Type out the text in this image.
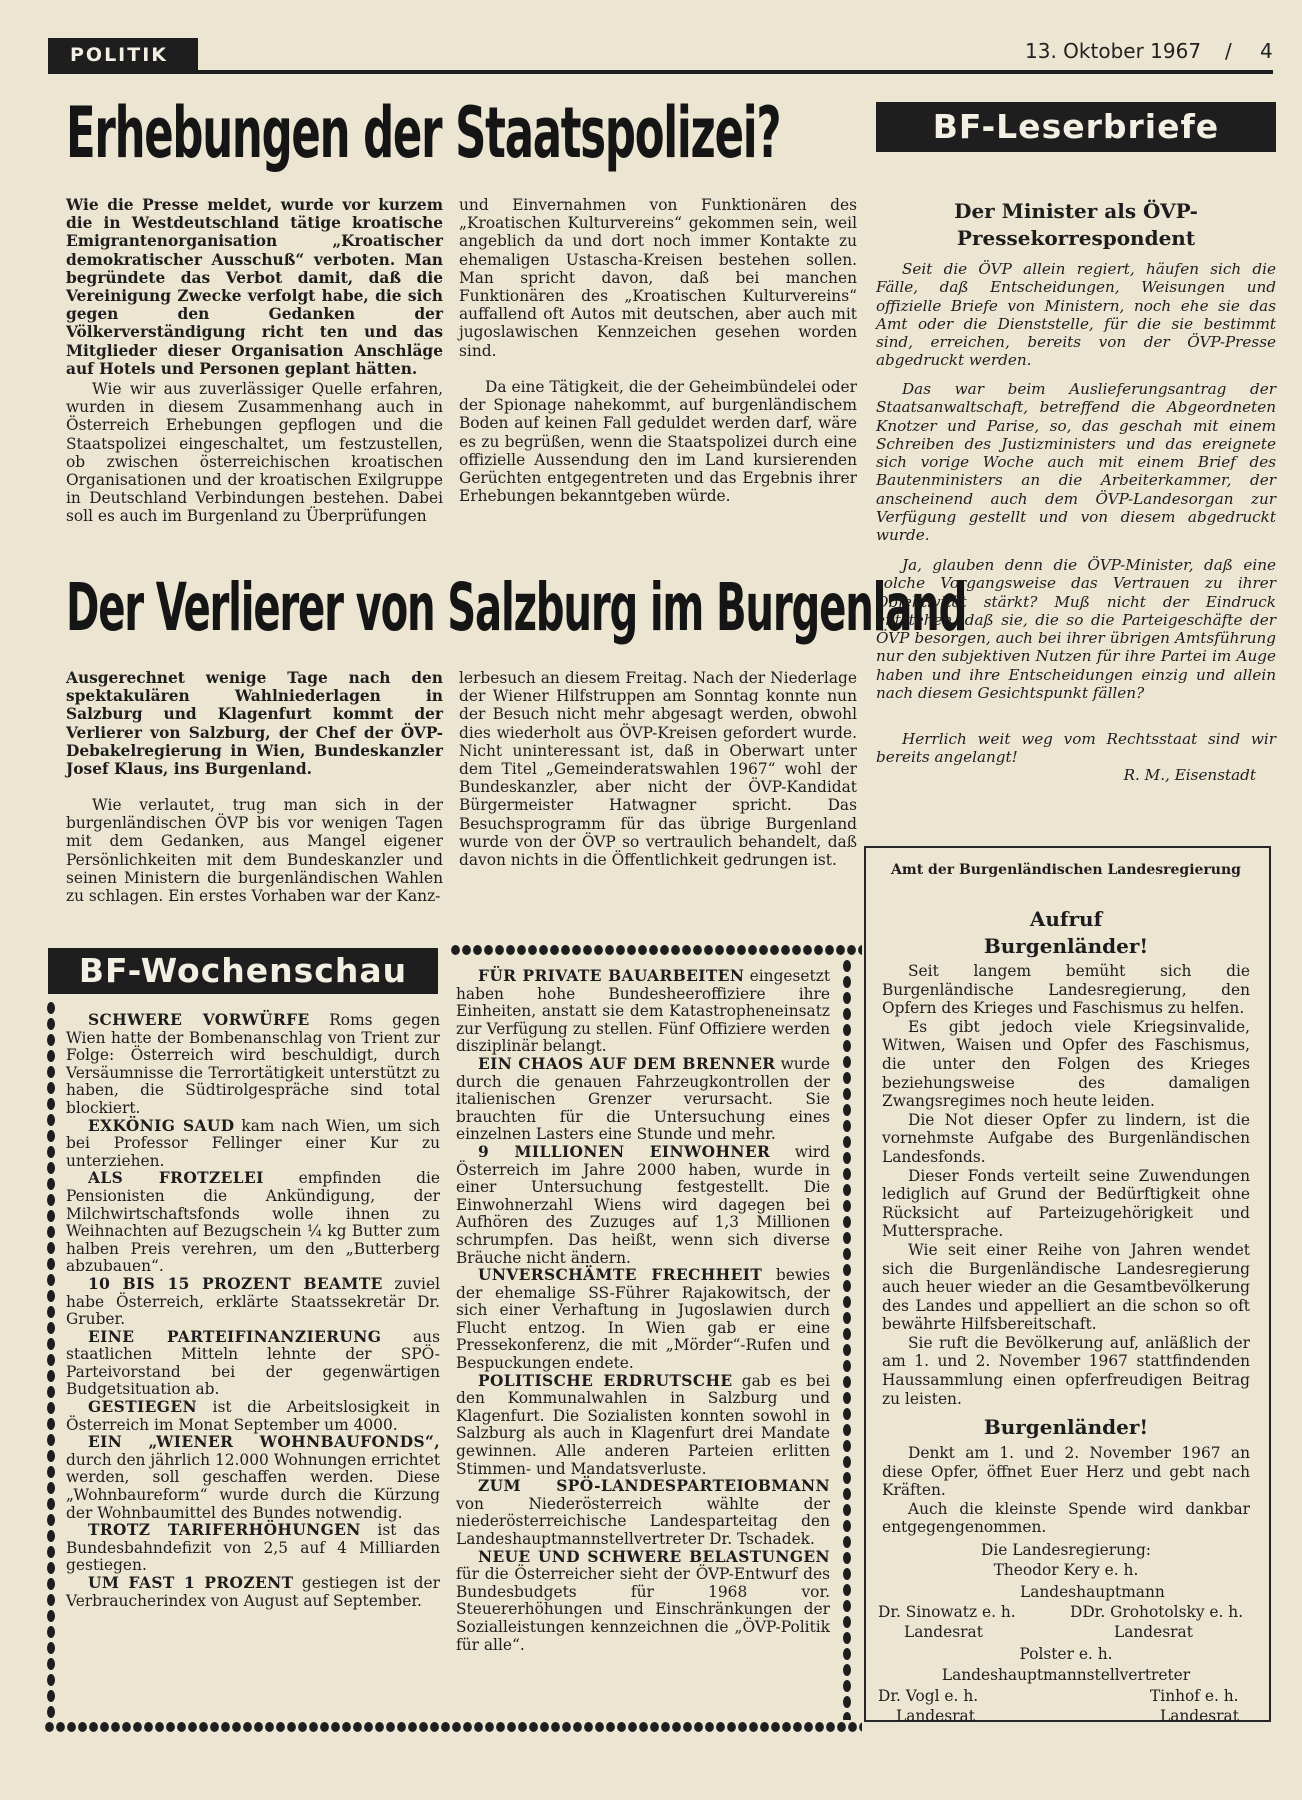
POLITIK	13. Oktober 1967 / 4
Erhebungen der Staatspolizei?

Wie die Presse meldet, wurde vor kurzem die in Westdeutschland tätige kroatische Emigrantenorganisation „Kroatischer demokratischer Ausschuß“ verboten. Man begründete das Verbot damit, daß die Vereinigung Zwecke verfolgt habe, die sich gegen den Gedanken der Völkerverständigung richt ten und das Mitglieder dieser Organisation Anschläge auf Hotels und Personen geplant hätten.

Wie wir aus zuverlässiger Quelle erfahren, wurden in diesem Zusammenhang auch in Österreich Erhebungen gepflogen und die Staatspolizei eingeschaltet, um festzustellen, ob zwischen österreichischen kroatischen Organisationen und der kroatischen Exilgruppe in Deutschland Verbindungen bestehen. Dabei soll es auch im Burgenland zu Überprüfungen

und Einvernahmen von Funktionären des „Kroatischen Kulturvereins“ gekommen sein, weil angeblich da und dort noch immer Kontakte zu ehemaligen Ustascha-Kreisen bestehen sollen. Man spricht davon, daß bei manchen Funktionären des „Kroatischen Kulturvereins“ auffallend oft Autos mit deutschen, aber auch mit jugoslawischen Kennzeichen gesehen worden sind.

Da eine Tätigkeit, die der Geheimbündelei oder der Spionage nahekommt, auf burgenländischem Boden auf keinen Fall geduldet werden darf, wäre es zu begrüßen, wenn die Staatspolizei durch eine offizielle Aussendung den im Land kursierenden Gerüchten entgegentreten und das Ergebnis ihrer Erhebungen bekanntgeben würde.

Der Verlierer von Salzburg im Burgenland

Ausgerechnet wenige Tage nach den spektakulären Wahlniederlagen in Salzburg und Klagenfurt kommt der Verlierer von Salzburg, der Chef der ÖVP-Debakelregierung in Wien, Bundeskanzler Josef Klaus, ins Burgenland.

Wie verlautet, trug man sich in der burgenländischen ÖVP bis vor wenigen Tagen mit dem Gedanken, aus Mangel eigener Persönlichkeiten mit dem Bundeskanzler und seinen Ministern die burgenländischen Wahlen zu schlagen. Ein erstes Vorhaben war der Kanz-

lerbesuch an diesem Freitag. Nach der Niederlage der Wiener Hilfstruppen am Sonntag konnte nun der Besuch nicht mehr abgesagt werden, obwohl dies wiederholt aus ÖVP-Kreisen gefordert wurde. Nicht uninteressant ist, daß in Oberwart unter dem Titel „Gemeinderatswahlen 1967“ wohl der Bundeskanzler, aber nicht der ÖVP-Kandidat Bürgermeister Hatwagner spricht. Das Besuchsprogramm für das übrige Burgenland wurde von der ÖVP so vertraulich behandelt, daß davon nichts in die Öffentlichkeit gedrungen ist.

BF-Leserbriefe
Der Minister als ÖVP-Pressekorrespondent

Seit die ÖVP allein regiert, häufen sich die Fälle, daß Entscheidungen, Weisungen und offizielle Briefe von Ministern, noch ehe sie das Amt oder die Dienststelle, für die sie bestimmt sind, erreichen, bereits von der ÖVP-Presse abgedruckt werden.

Das war beim Auslieferungsantrag der Staatsanwaltschaft, betreffend die Abgeordneten Knotzer und Parise, so, das geschah mit einem Schreiben des Justizministers und das ereignete sich vorige Woche auch mit einem Brief des Bautenministers an die Arbeiterkammer, der anscheinend auch dem ÖVP-Landesorgan zur Verfügung gestellt und von diesem abgedruckt wurde.

Ja, glauben denn die ÖVP-Minister, daß eine solche Vorgangsweise das Vertrauen zu ihrer Objektivität stärkt? Muß nicht der Eindruck entstehen, daß sie, die so die Parteigeschäfte der ÖVP besorgen, auch bei ihrer übrigen Amtsführung nur den subjektiven Nutzen für ihre Partei im Auge haben und ihre Entscheidungen einzig und allein nach diesem Gesichtspunkt fällen?

Herrlich weit weg vom Rechtsstaat sind wir bereits angelangt!

R. M., Eisenstadt

BF-Wochenschau

SCHWERE VORWÜRFE Roms gegen Wien hatte der Bombenanschlag von Trient zur Folge: Österreich wird beschuldigt, durch Versäumnisse die Terrortätigkeit unterstützt zu haben, die Südtirolgespräche sind total blockiert.

EXKÖNIG SAUD kam nach Wien, um sich bei Professor Fellinger einer Kur zu unterziehen.

ALS FROTZELEI empfinden die Pensionisten die Ankündigung, der Milchwirtschaftsfonds wolle ihnen zu Weihnachten auf Bezugschein ¼ kg Butter zum halben Preis verehren, um den „Butterberg abzubauen“.

10 BIS 15 PROZENT BEAMTE zuviel habe Österreich, erklärte Staatssekretär Dr. Gruber.

EINE PARTEIFINANZIERUNG aus staatlichen Mitteln lehnte der SPÖ-Parteivorstand bei der gegenwärtigen Budgetsituation ab.

GESTIEGEN ist die Arbeitslosigkeit in Österreich im Monat September um 4000.

EIN „WIENER WOHNBAUFONDS“, durch den jährlich 12.000 Wohnungen errichtet werden, soll geschaffen werden. Diese „Wohnbaureform“ wurde durch die Kürzung der Wohnbaumittel des Bundes notwendig.

TROTZ TARIFERHÖHUNGEN ist das Bundesbahndefizit von 2,5 auf 4 Milliarden gestiegen.

UM FAST 1 PROZENT gestiegen ist der Verbraucherindex von August auf September.

FÜR PRIVATE BAUARBEITEN eingesetzt haben hohe Bundesheeroffiziere ihre Einheiten, anstatt sie dem Katastropheneinsatz zur Verfügung zu stellen. Fünf Offiziere werden disziplinär belangt.

EIN CHAOS AUF DEM BRENNER wurde durch die genauen Fahrzeugkontrollen der italienischen Grenzer verursacht. Sie brauchten für die Untersuchung eines einzelnen Lasters eine Stunde und mehr.

9 MILLIONEN EINWOHNER wird Österreich im Jahre 2000 haben, wurde in einer Untersuchung festgestellt. Die Einwohnerzahl Wiens wird dagegen bei Aufhören des Zuzuges auf 1,3 Millionen schrumpfen. Das heißt, wenn sich diverse Bräuche nicht ändern.

UNVERSCHÄMTE FRECHHEIT bewies der ehemalige SS-Führer Rajakowitsch, der sich einer Verhaftung in Jugoslawien durch Flucht entzog. In Wien gab er eine Pressekonferenz, die mit „Mörder“-Rufen und Bespuckungen endete.

POLITISCHE ERDRUTSCHE gab es bei den Kommunalwahlen in Salzburg und Klagenfurt. Die Sozialisten konnten sowohl in Salzburg als auch in Klagenfurt drei Mandate gewinnen. Alle anderen Parteien erlitten Stimmen- und Mandatsverluste.

ZUM SPÖ-LANDESPARTEIOBMANN von Niederösterreich wählte der niederösterreichische Landesparteitag den Landeshauptmannstellvertreter Dr. Tschadek.

NEUE UND SCHWERE BELASTUNGEN für die Österreicher sieht der ÖVP-Entwurf des Bundesbudgets für 1968 vor. Steuererhöhungen und Einschränkungen der Sozialleistungen kennzeichnen die „ÖVP-Politik für alle“.

Amt der Burgenländischen Landesregierung
Aufruf
Burgenländer!

Seit langem bemüht sich die Burgenländische Landesregierung, den Opfern des Krieges und Faschismus zu helfen.

Es gibt jedoch viele Kriegsinvalide, Witwen, Waisen und Opfer des Faschismus, die unter den Folgen des Krieges beziehungsweise des damaligen Zwangsregimes noch heute leiden.

Die Not dieser Opfer zu lindern, ist die vornehmste Aufgabe des Burgenländischen Landesfonds.

Dieser Fonds verteilt seine Zuwendungen lediglich auf Grund der Bedürftigkeit ohne Rücksicht auf Parteizugehörigkeit und Muttersprache.

Wie seit einer Reihe von Jahren wendet sich die Burgenländische Landesregierung auch heuer wieder an die Gesamtbevölkerung des Landes und appelliert an die schon so oft bewährte Hilfsbereitschaft.

Sie ruft die Bevölkerung auf, anläßlich der am 1. und 2. November 1967 stattfindenden Haussammlung einen opferfreudigen Beitrag zu leisten.

Burgenländer!

Denkt am 1. und 2. November 1967 an diese Opfer, öffnet Euer Herz und gebt nach Kräften.

Auch die kleinste Spende wird dankbar entgegengenommen.

Die Landesregierung:
Theodor Kery e. h.
Landeshauptmann
Dr. Sinowatz e. h.	DDr. Grohotolsky e. h.
Landesrat	Landesrat
Polster e. h.
Landeshauptmannstellvertreter
Dr. Vogl e. h.	Tinhof e. h.
Landesrat	Landesrat
